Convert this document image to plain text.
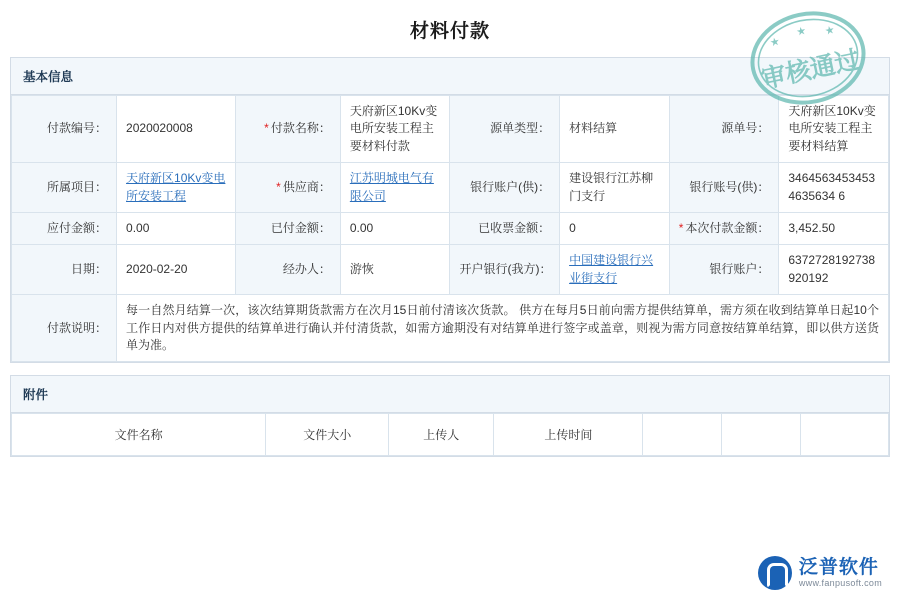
材料付款
★
★ ★
审核通过
基本信息
付款编号：	2020020008	* 付款名称：	天府新区10Kv变电所安装工程主要材料付款	源单类型：	材料结算	源单号：	天府新区10Kv变电所安装工程主要材料结算
所属项目：	天府新区10Kv变电所安装工程	* 供应商：	江苏明城电气有限公司	银行账户(供)：	建设银行江苏柳门支行	银行账号(供)：	34645634534534635634 6
应付金额：	0.00	已付金额：	0.00	已收票金额：	0	* 本次付款金额：	3,452.50
日期：	2020-02-20	经办人：	游恢	开户银行(我方)：	中国建设银行兴业街支行	银行账户：	6372728192738920192
付款说明：	每一自然月结算一次，该次结算期货款需方在次月15日前付清该次货款。 供方在每月5日前向需方提供结算单，需方须在收到结算单日起10个工作日内对供方提供的结算单进行确认并付清货款，如需方逾期没有对结算单进行签字或盖章，则视为需方同意按结算单结算，即以供方送货单为准。						
附件
文件名称	文件大小	上传人	上传时间			
泛普软件
www.fanpusoft.com
